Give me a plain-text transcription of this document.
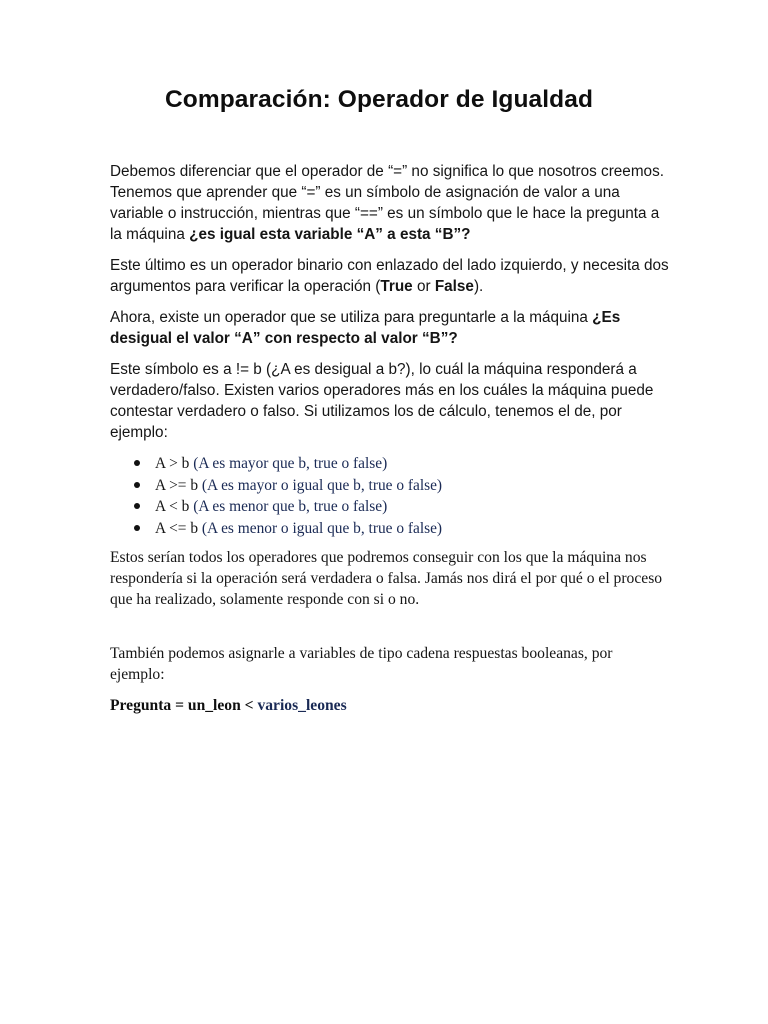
Comparación: Operador de Igualdad

Debemos diferenciar que el operador de “=” no significa lo que nosotros creemos. Tenemos que aprender que “=” es un símbolo de asignación de valor a una variable o instrucción, mientras que “==” es un símbolo que le hace la pregunta a la máquina ¿es igual esta variable “A” a esta “B”?

Este último es un operador binario con enlazado del lado izquierdo, y necesita dos argumentos para verificar la operación (True or False).

Ahora, existe un operador que se utiliza para preguntarle a la máquina ¿Es desigual el valor “A” con respecto al valor “B”?

Este símbolo es a != b (¿A es desigual a b?), lo cuál la máquina responderá a verdadero/falso. Existen varios operadores más en los cuáles la máquina puede contestar verdadero o falso. Si utilizamos los de cálculo, tenemos el de, por ejemplo:

A > b (A es mayor que b, true o false)
A >= b (A es mayor o igual que b, true o false)
A < b (A es menor que b, true o false)
A <= b (A es menor o igual que b, true o false)

Estos serían todos los operadores que podremos conseguir con los que la máquina nos respondería si la operación será verdadera o falsa. Jamás nos dirá el por qué o el proceso que ha realizado, solamente responde con si o no.

También podemos asignarle a variables de tipo cadena respuestas booleanas, por ejemplo:

Pregunta = un_leon < varios_leones
